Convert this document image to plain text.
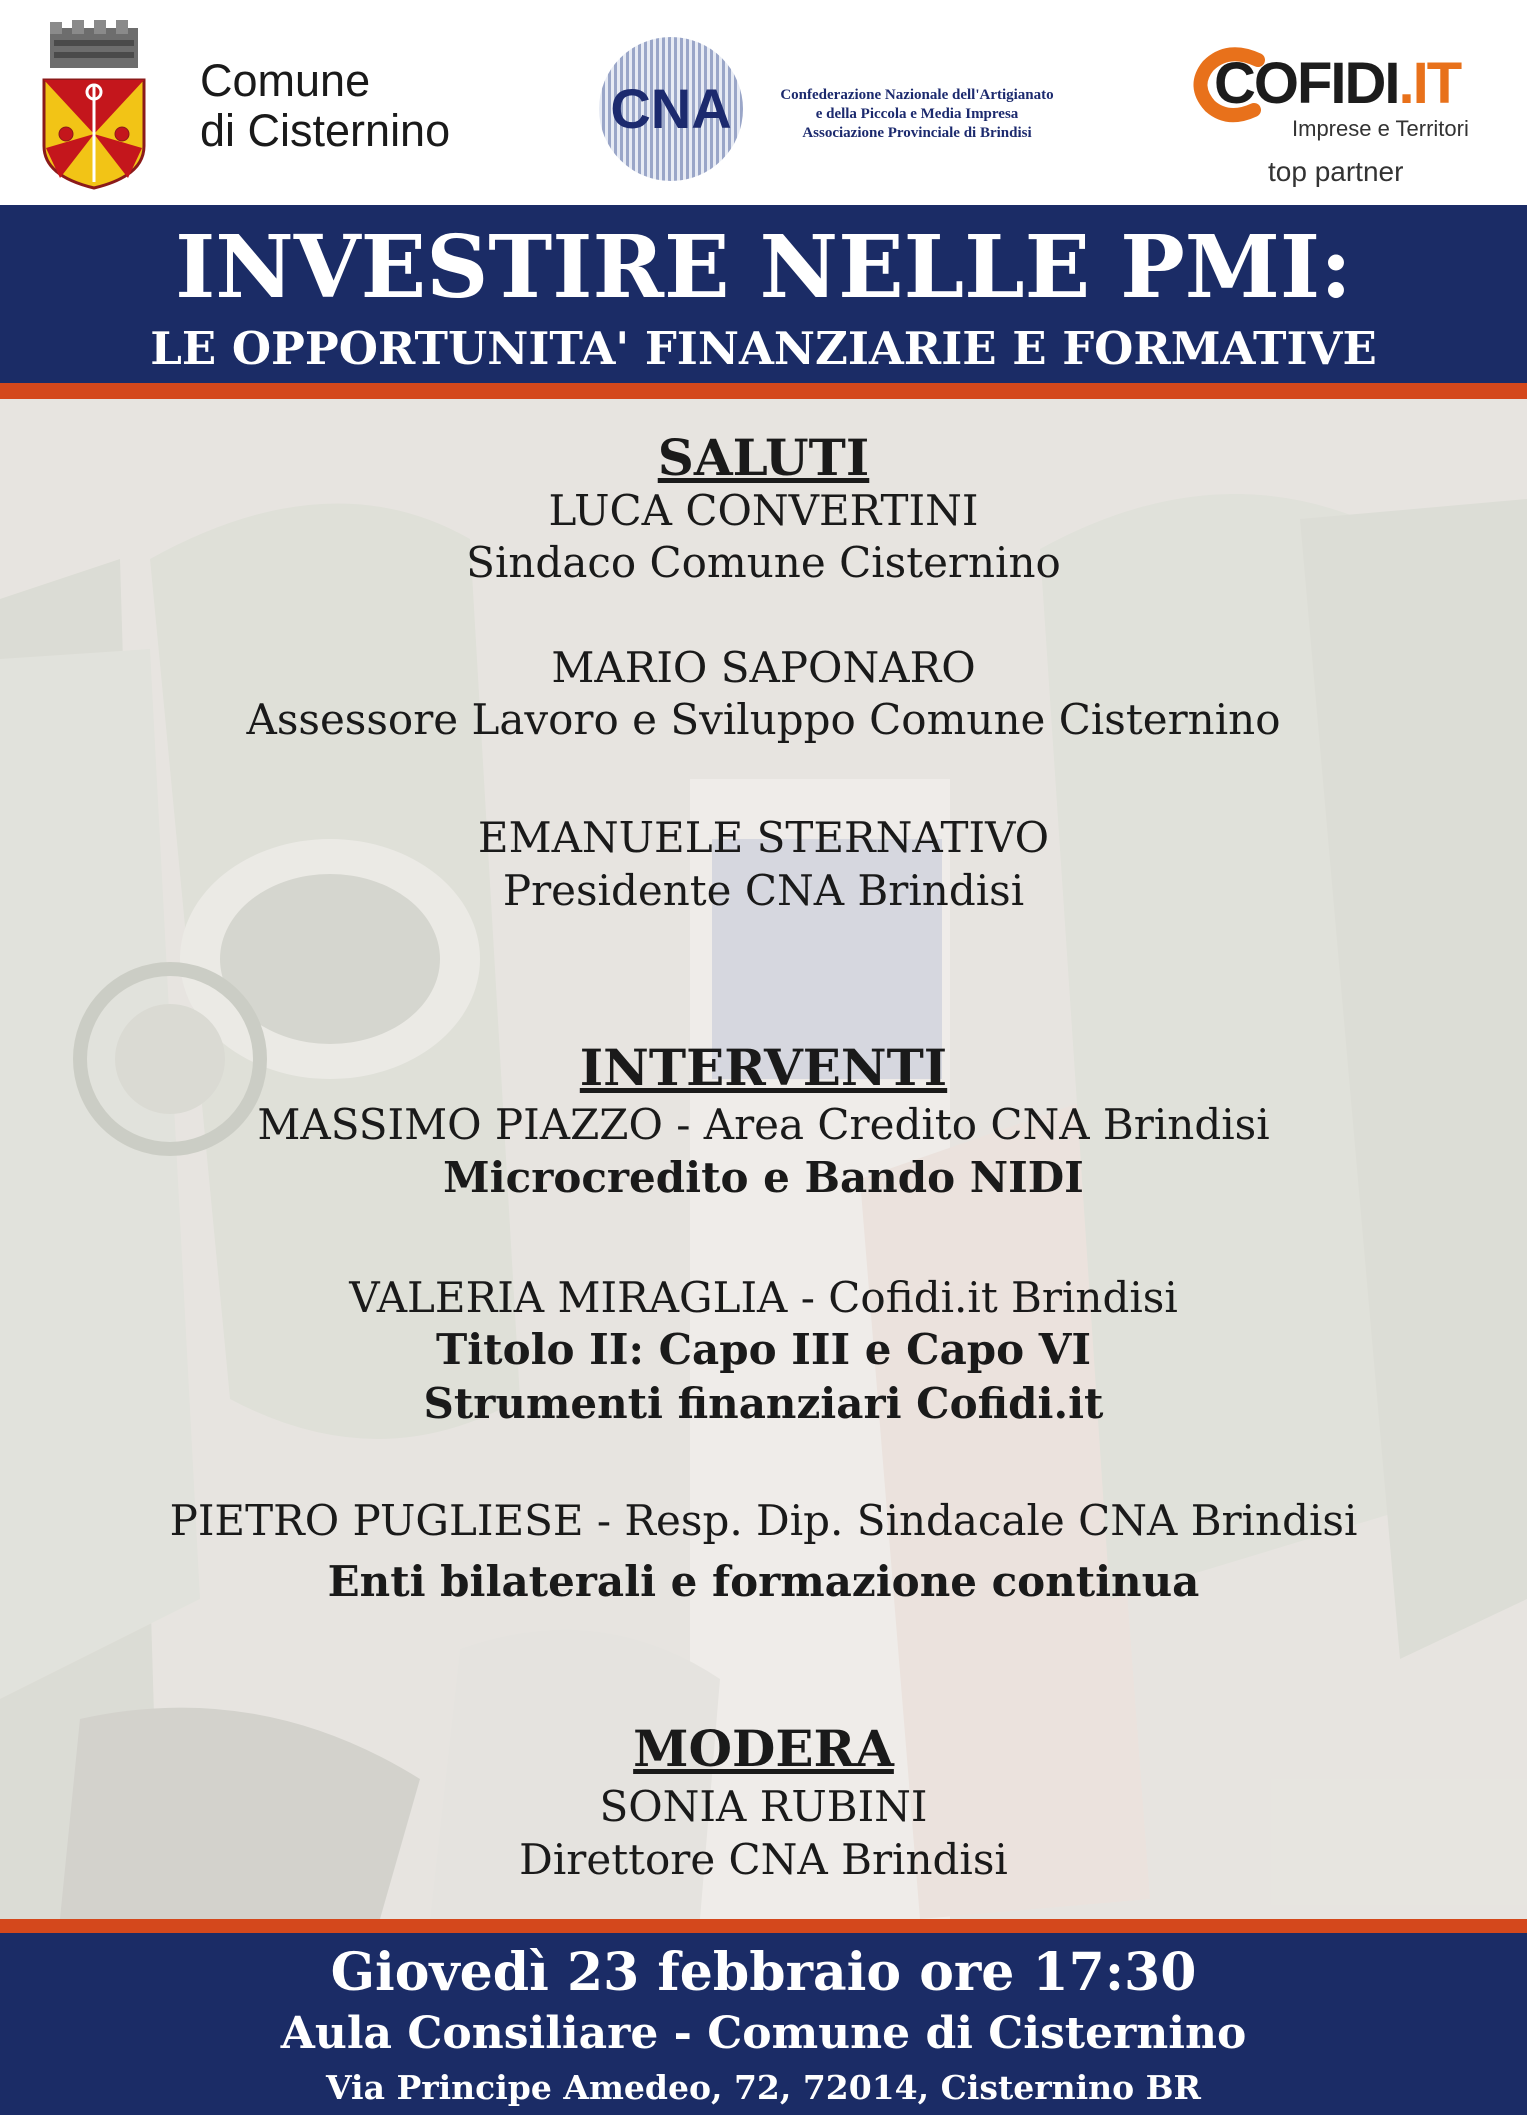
Comune
di Cisternino	CNA	Confederazione Nazionale dell'Artigianato
e della Piccola e Media Impresa
Associazione Provinciale di Brindisi
COFIDI.IT
Imprese e Territori
top partner
INVESTIRE NELLE PMI:
LE OPPORTUNITA' FINANZIARIE E FORMATIVE
SALUTI
LUCA CONVERTINI
Sindaco Comune Cisternino
MARIO SAPONARO
Assessore Lavoro e Sviluppo Comune Cisternino
EMANUELE STERNATIVO
Presidente CNA Brindisi
INTERVENTI
MASSIMO PIAZZO - Area Credito CNA Brindisi
Microcredito e Bando NIDI
VALERIA MIRAGLIA - Cofidi.it Brindisi
Titolo II: Capo III e Capo VI
Strumenti finanziari Cofidi.it
PIETRO PUGLIESE - Resp. Dip. Sindacale CNA Brindisi
Enti bilaterali e formazione continua
MODERA
SONIA RUBINI
Direttore CNA Brindisi
Giovedì 23 febbraio ore 17:30
Aula Consiliare - Comune di Cisternino
Via Principe Amedeo, 72, 72014, Cisternino BR
